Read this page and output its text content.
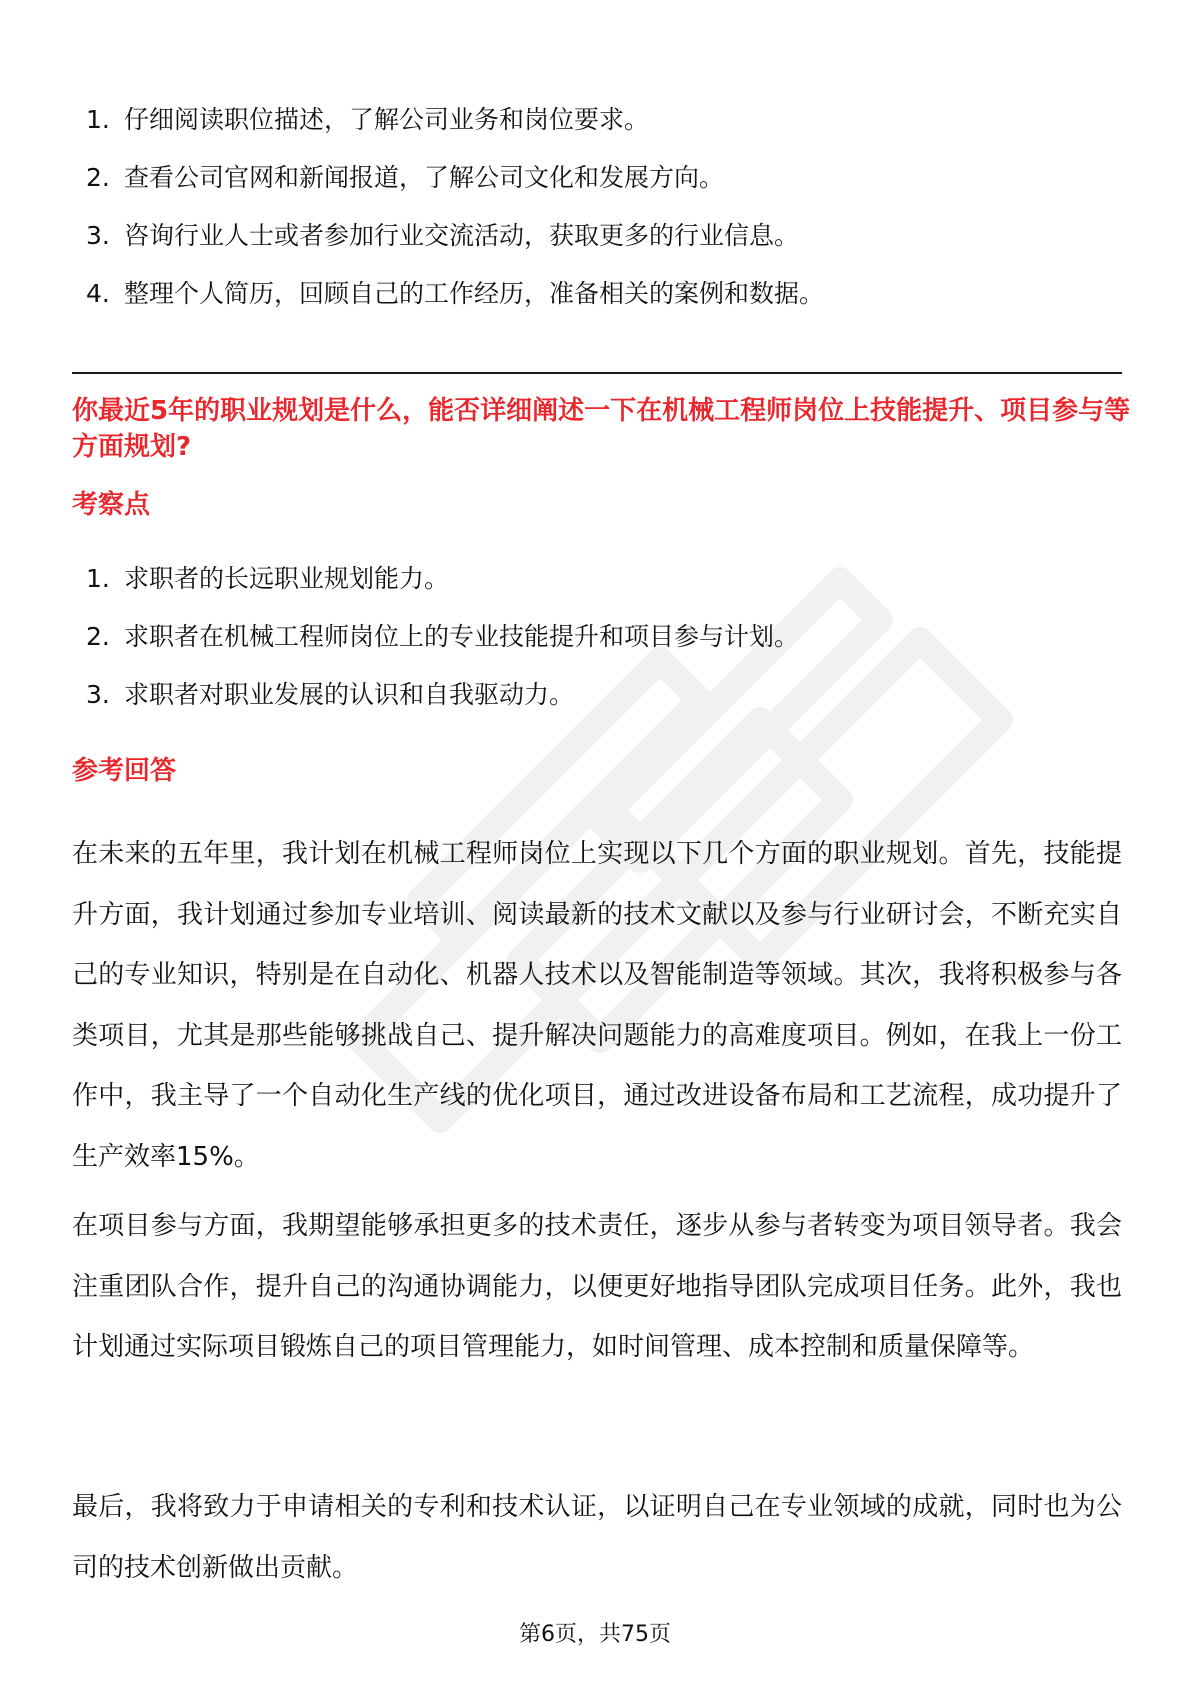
1. 仔细阅读职位描述，了解公司业务和岗位要求。
2. 查看公司官网和新闻报道，了解公司文化和发展方向。
3. 咨询行业人士或者参加行业交流活动，获取更多的行业信息。
4. 整理个人简历，回顾自己的工作经历，准备相关的案例和数据。
你最近5年的职业规划是什么，能否详细阐述一下在机械工程师岗位上技能提升、项目参与等方面规划?
考察点
1. 求职者的长远职业规划能力。
2. 求职者在机械工程师岗位上的专业技能提升和项目参与计划。
3. 求职者对职业发展的认识和自我驱动力。
参考回答

在未来的五年里，我计划在机械工程师岗位上实现以下几个方面的职业规划。首先，技能提升方面，我计划通过参加专业培训、阅读最新的技术文献以及参与行业研讨会，不断充实自己的专业知识，特别是在自动化、机器人技术以及智能制造等领域。其次，我将积极参与各类项目，尤其是那些能够挑战自己、提升解决问题能力的高难度项目。例如，在我上一份工作中，我主导了一个自动化生产线的优化项目，通过改进设备布局和工艺流程，成功提升了生产效率15%。

在项目参与方面，我期望能够承担更多的技术责任，逐步从参与者转变为项目领导者。我会注重团队合作，提升自己的沟通协调能力，以便更好地指导团队完成项目任务。此外，我也计划通过实际项目锻炼自己的项目管理能力，如时间管理、成本控制和质量保障等。

最后，我将致力于申请相关的专利和技术认证，以证明自己在专业领域的成就，同时也为公司的技术创新做出贡献。

第6页，共75页
